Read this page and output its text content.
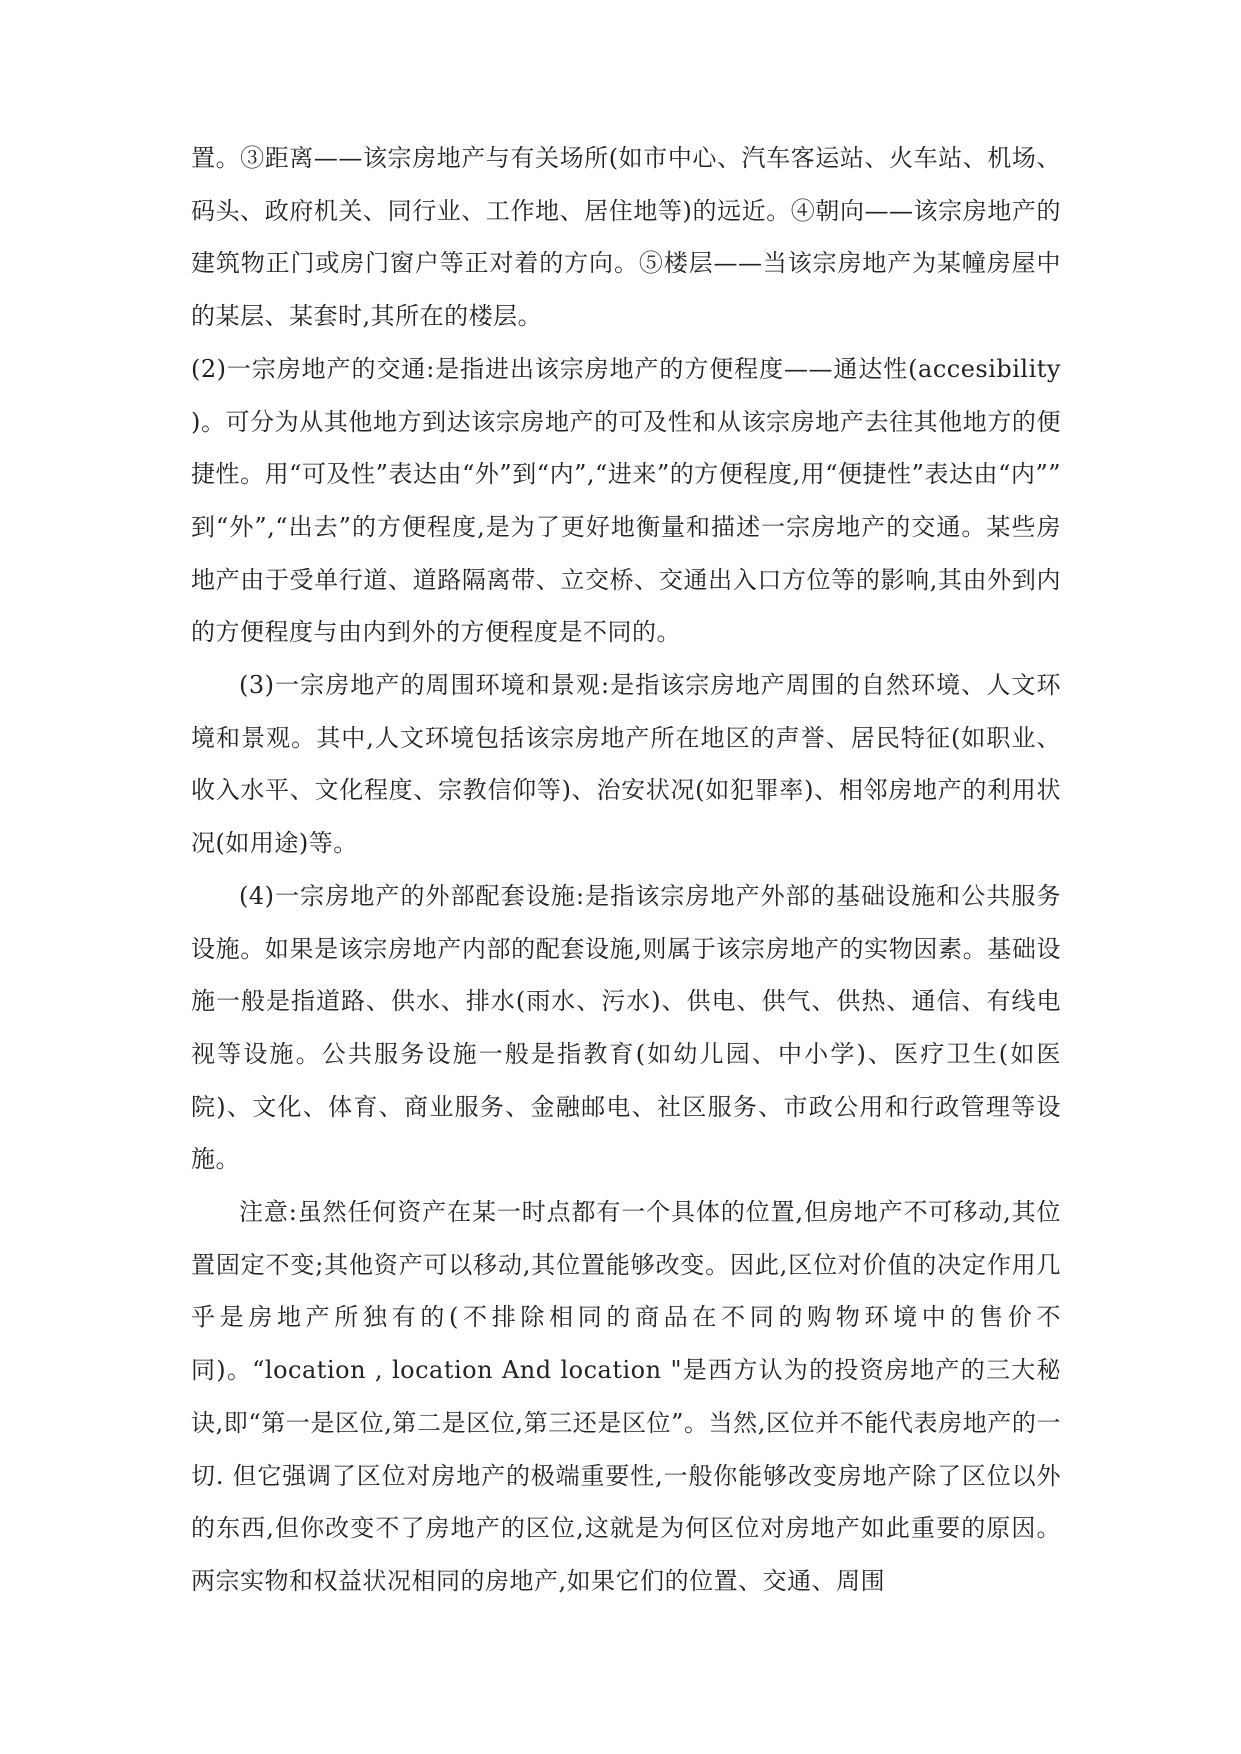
置。③距离——该宗房地产与有关场所(如市中心、汽车客运站、火车站、机场、码头、政府机关、同行业、工作地、居住地等)的远近。④朝向——该宗房地产的建筑物正门或房门窗户等正对着的方向。⑤楼层——当该宗房地产为某幢房屋中的某层、某套时,其所在的楼层。

(2)一宗房地产的交通:是指进出该宗房地产的方便程度——通达性(accesibility )。可分为从其他地方到达该宗房地产的可及性和从该宗房地产去往其他地方的便捷性。用“可及性”表达由“外”到“内”,“进来”的方便程度,用“便捷性”表达由“内”” 到“外”,“出去”的方便程度,是为了更好地衡量和描述一宗房地产的交通。某些房地产由于受单行道、道路隔离带、立交桥、交通出入口方位等的影响,其由外到内的方便程度与由内到外的方便程度是不同的。

(3)一宗房地产的周围环境和景观:是指该宗房地产周围的自然环境、人文环境和景观。其中,人文环境包括该宗房地产所在地区的声誉、居民特征(如职业、收入水平、文化程度、宗教信仰等)、治安状况(如犯罪率)、相邻房地产的利用状况(如用途)等。

(4)一宗房地产的外部配套设施:是指该宗房地产外部的基础设施和公共服务设施。如果是该宗房地产内部的配套设施,则属于该宗房地产的实物因素。基础设施一般是指道路、供水、排水(雨水、污水)、供电、供气、供热、通信、有线电视等设施。公共服务设施一般是指教育(如幼儿园、中小学)、医疗卫生(如医院)、文化、体育、商业服务、金融邮电、社区服务、市政公用和行政管理等设施。

注意:虽然任何资产在某一时点都有一个具体的位置,但房地产不可移动,其位置固定不变;其他资产可以移动,其位置能够改变。因此,区位对价值的决定作用几乎是房地产所独有的(不排除相同的商品在不同的购物环境中的售价不同)。“location , location And location "是西方认为的投资房地产的三大秘诀,即“第一是区位,第二是区位,第三还是区位”。当然,区位并不能代表房地产的一切. 但它强调了区位对房地产的极端重要性,一般你能够改变房地产除了区位以外的东西,但你改变不了房地产的区位,这就是为何区位对房地产如此重要的原因。两宗实物和权益状况相同的房地产,如果它们的位置、交通、周围
